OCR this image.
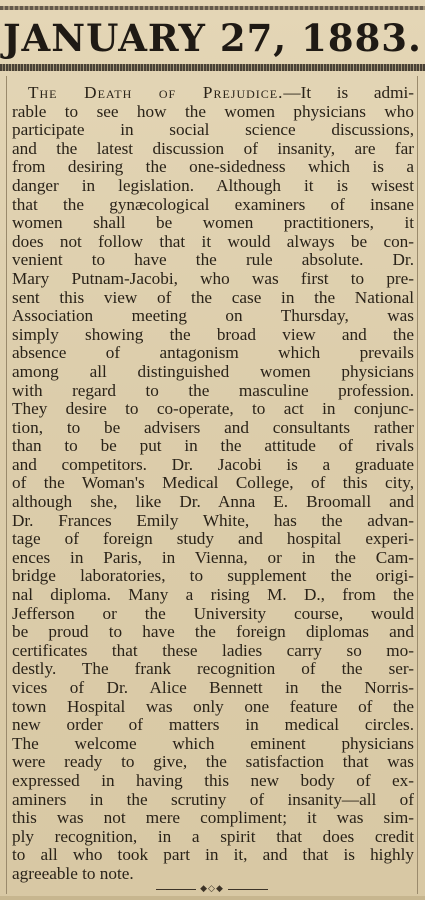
JANUARY 27, 1883.
The Death of Prejudice.—It is admi-
rable to see how the women physicians who
participate in social science discussions,
and the latest discussion of insanity, are far
from desiring the one-sidedness which is a
danger in legislation. Although it is wisest
that the gynæcological examiners of insane
women shall be women practitioners, it
does not follow that it would always be con-
venient to have the rule absolute. Dr.
Mary Putnam-Jacobi, who was first to pre-
sent this view of the case in the National
Association meeting on Thursday, was
simply showing the broad view and the
absence of antagonism which prevails
among all distinguished women physicians
with regard to the masculine profession.
They desire to co-operate, to act in conjunc-
tion, to be advisers and consultants rather
than to be put in the attitude of rivals
and competitors. Dr. Jacobi is a graduate
of the Woman's Medical College, of this city,
although she, like Dr. Anna E. Broomall and
Dr. Frances Emily White, has the advan-
tage of foreign study and hospital experi-
ences in Paris, in Vienna, or in the Cam-
bridge laboratories, to supplement the origi-
nal diploma. Many a rising M. D., from the
Jefferson or the University course, would
be proud to have the foreign diplomas and
certificates that these ladies carry so mo-
destly. The frank recognition of the ser-
vices of Dr. Alice Bennett in the Norris-
town Hospital was only one feature of the
new order of matters in medical circles.
The welcome which eminent physicians
were ready to give, the satisfaction that was
expressed in having this new body of ex-
aminers in the scrutiny of insanity—all of
this was not mere compliment; it was sim-
ply recognition, in a spirit that does credit
to all who took part in it, and that is highly
agreeable to note.
◆◇◆
